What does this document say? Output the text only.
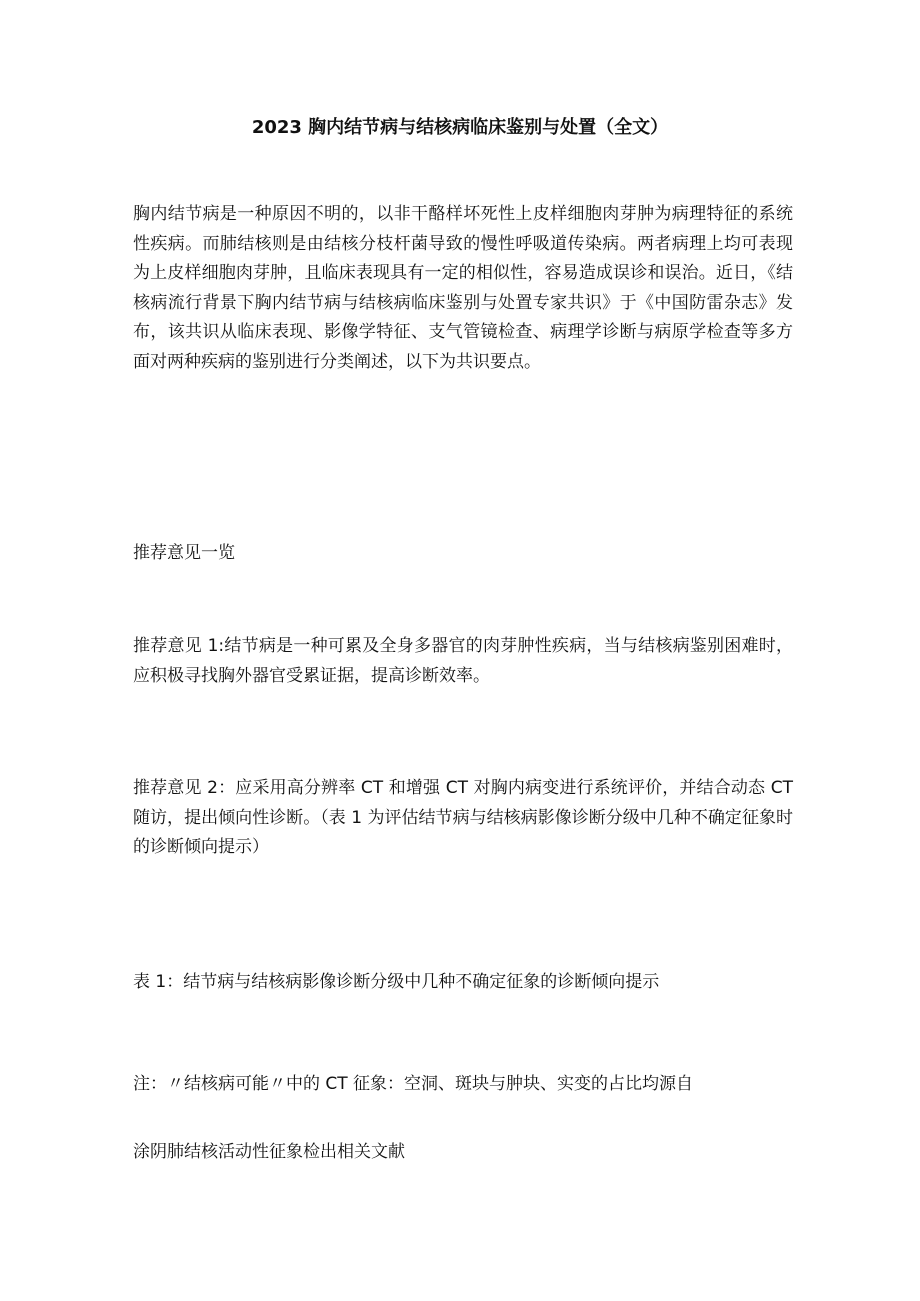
2023 胸内结节病与结核病临床鉴别与处置（全文）

胸内结节病是一种原因不明的，以非干酪样坏死性上皮样细胞肉芽肿为病理特征的系统性疾病。而肺结核则是由结核分枝杆菌导致的慢性呼吸道传染病。两者病理上均可表现为上皮样细胞肉芽肿，且临床表现具有一定的相似性，容易造成误诊和误治。近日，《结核病流行背景下胸内结节病与结核病临床鉴别与处置专家共识》于《中国防雷杂志》发布，该共识从临床表现、影像学特征、支气管镜检查、病理学诊断与病原学检查等多方面对两种疾病的鉴别进行分类阐述，以下为共识要点。

推荐意见一览

推荐意见 1:结节病是一种可累及全身多器官的肉芽肿性疾病，当与结核病鉴别困难时，应积极寻找胸外器官受累证据，提高诊断效率。

推荐意见 2：应采用高分辨率 CT 和增强 CT 对胸内病变进行系统评价，并结合动态 CT 随访，提出倾向性诊断。（表 1 为评估结节病与结核病影像诊断分级中几种不确定征象时的诊断倾向提示）

表 1：结节病与结核病影像诊断分级中几种不确定征象的诊断倾向提示
注：〃结核病可能〃中的 CT 征象：空洞、斑块与肿块、实变的占比均源自
涂阴肺结核活动性征象检出相关文献
